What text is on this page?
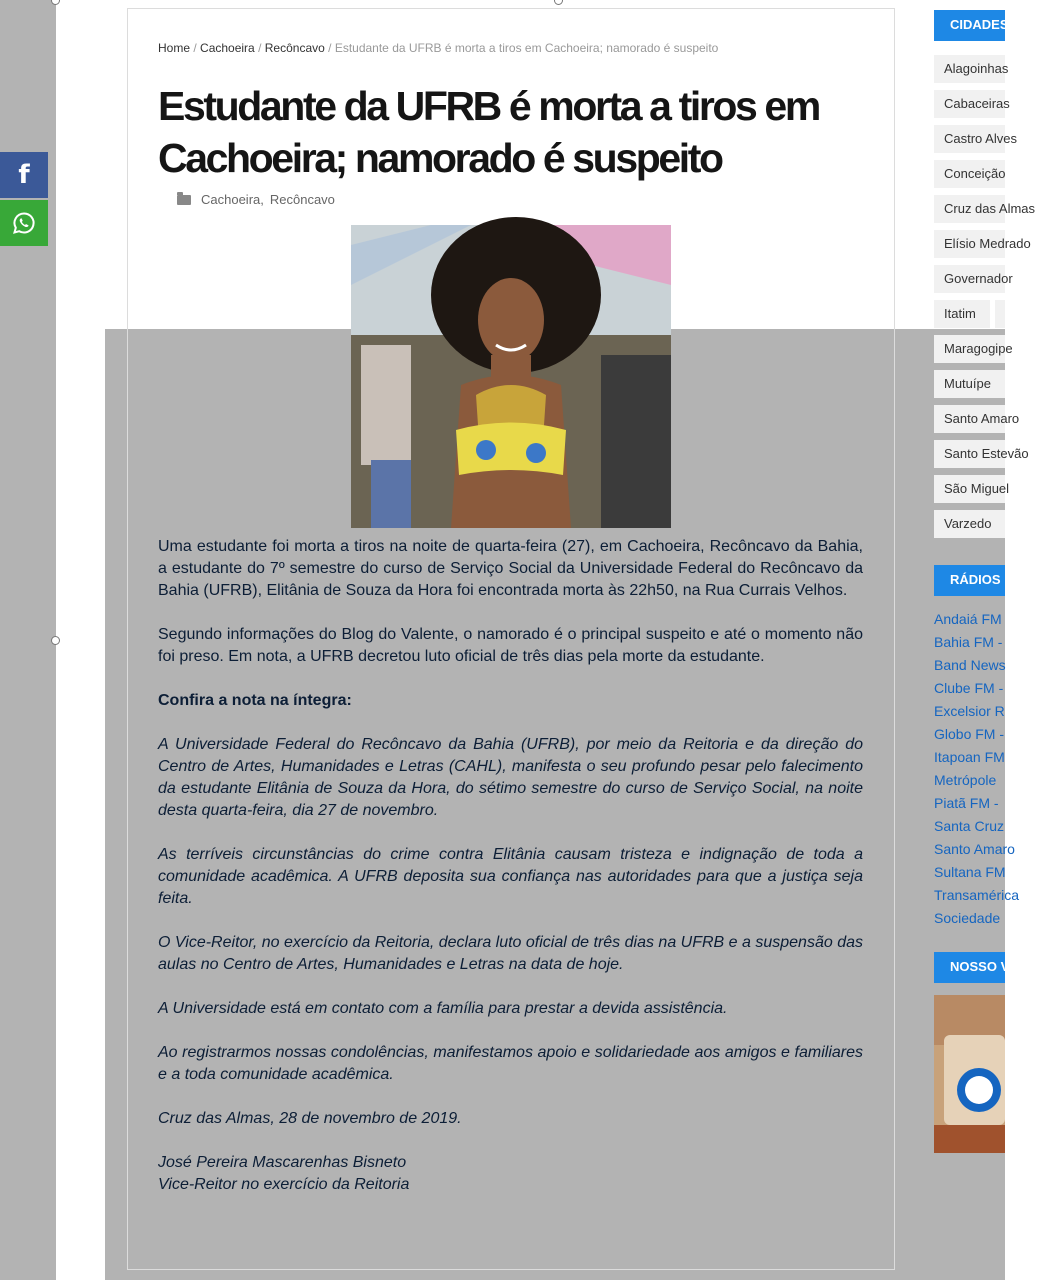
f
Home / Cachoeira / Recôncavo / Estudante da UFRB é morta a tiros em Cachoeira; namorado é suspeito
Estudante da UFRB é morta a tiros em Cachoeira; namorado é suspeito
Cachoeira, Recôncavo

Uma estudante foi morta a tiros na noite de quarta-feira (27), em Cachoeira, Recôncavo da Bahia, a estudante do 7º semestre do curso de Serviço Social da Universidade Federal do Recôncavo da Bahia (UFRB), Elitânia de Souza da Hora foi encontrada morta às 22h50, na Rua Currais Velhos.

Segundo informações do Blog do Valente, o namorado é o principal suspeito e até o momento não foi preso. Em nota, a UFRB decretou luto oficial de três dias pela morte da estudante.

Confira a nota na íntegra:

A Universidade Federal do Recôncavo da Bahia (UFRB), por meio da Reitoria e da direção do Centro de Artes, Humanidades e Letras (CAHL), manifesta o seu profundo pesar pelo falecimento da estudante Elitânia de Souza da Hora, do sétimo semestre do curso de Serviço Social, na noite desta quarta-feira, dia 27 de novembro.

As terríveis circunstâncias do crime contra Elitânia causam tristeza e indignação de toda a comunidade acadêmica. A UFRB deposita sua confiança nas autoridades para que a justiça seja feita.

O Vice-Reitor, no exercício da Reitoria, declara luto oficial de três dias na UFRB e a suspensão das aulas no Centro de Artes, Humanidades e Letras na data de hoje.

A Universidade está em contato com a família para prestar a devida assistência.

Ao registrarmos nossas condolências, manifestamos apoio e solidariedade aos amigos e familiares e a toda comunidade acadêmica.

Cruz das Almas, 28 de novembro de 2019.

José Pereira Mascarenhas Bisneto
Vice-Reitor no exercício da Reitoria

CIDADES
Alagoinhas
Cabaceiras
Castro Alves
Conceição
Cruz das Almas
Elísio Medrado
Governador
Itatim
Maragogipe
Mutuípe
Santo Amaro
Santo Estevão
São Miguel
Varzedo
RÁDIOS
Andaiá FM
Bahia FM -
Band News
Clube FM -
Excelsior R
Globo FM -
Itapoan FM
Metrópole
Piatã FM -
Santa Cruz
Santo Amaro
Sultana FM
Transamérica
Sociedade
NOSSO VÍDEO
